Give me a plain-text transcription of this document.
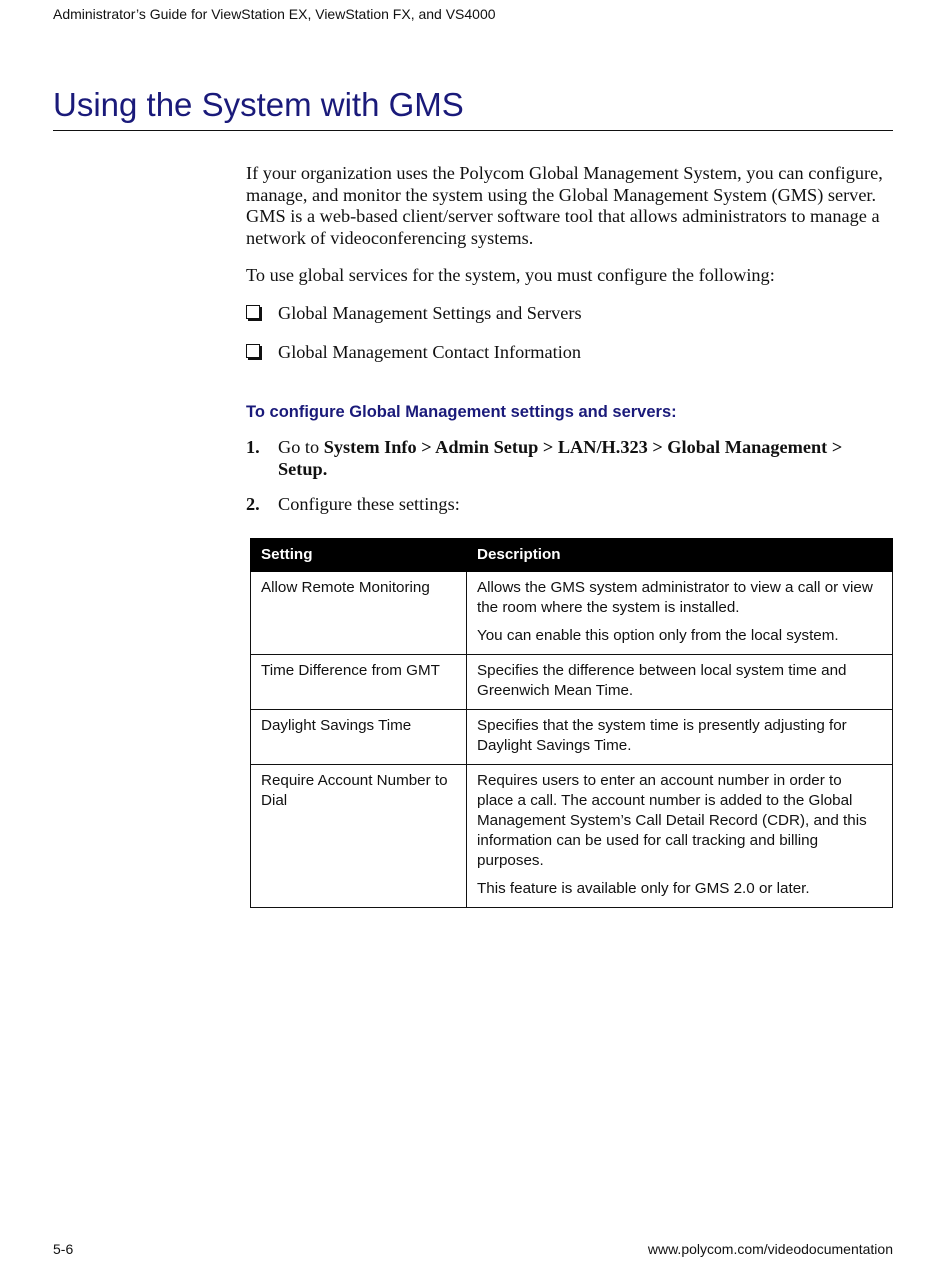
Administrator’s Guide for ViewStation EX, ViewStation FX, and VS4000
Using the System with GMS

If your organization uses the Polycom Global Management System, you can configure, manage, and monitor the system using the Global Management System (GMS) server. GMS is a web-based client/server software tool that allows administrators to manage a network of videoconferencing systems.

To use global services for the system, you must configure the following:

Global Management Settings and Servers
Global Management Contact Information
To configure Global Management settings and servers:
1. Go to System Info > Admin Setup > LAN/H.323 > Global Management > Setup.
2. Configure these settings:
Setting	Description
Allow Remote Monitoring	Allows the GMS system administrator to view a call or view the room where the system is installed.

You can enable this option only from the local system.

Time Difference from GMT	Specifies the difference between local system time and Greenwich Mean Time.

Daylight Savings Time	Specifies that the system time is presently adjusting for Daylight Savings Time.

Require Account Number to Dial	Requires users to enter an account number in order to place a call. The account number is added to the Global Management System’s Call Detail Record (CDR), and this information can be used for call tracking and billing purposes.

This feature is available only for GMS 2.0 or later.

5-6	www.polycom.com/videodocumentation
